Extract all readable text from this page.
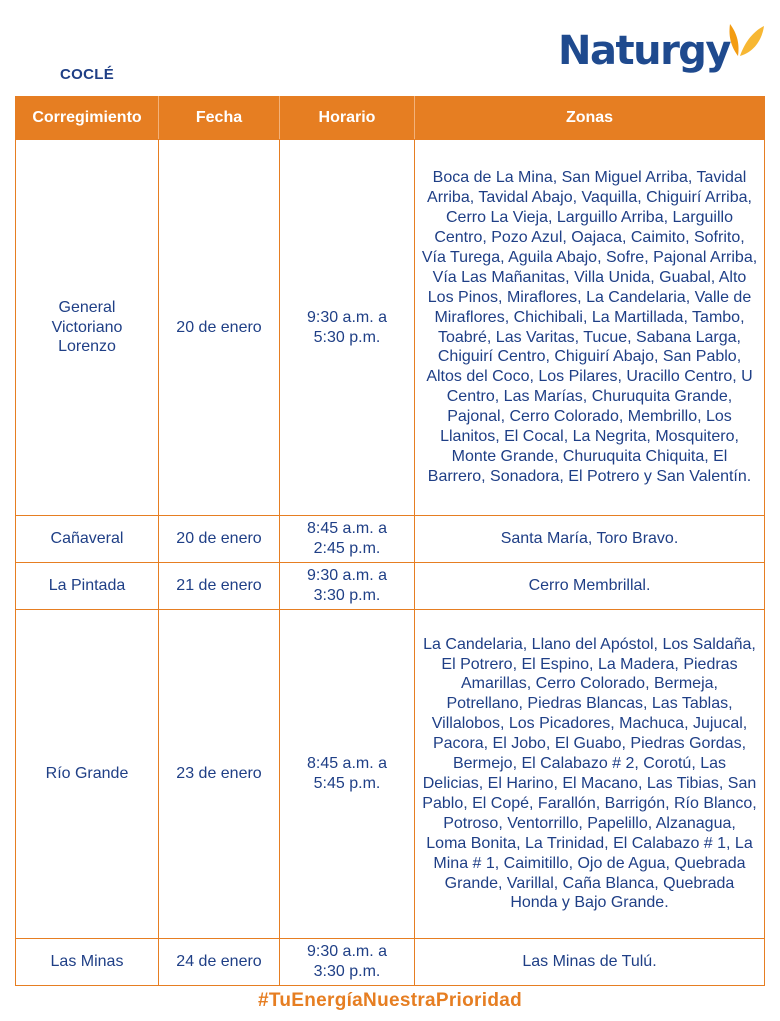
COCLÉ
Naturgy
Corregimiento	Fecha	Horario	Zonas

General Victoriano Lorenzo	20 de enero	9:30 a.m. a 5:30 p.m.	Boca de La Mina, San Miguel Arriba, Tavidal Arriba, Tavidal Abajo, Vaquilla, Chiguirí Arriba, Cerro La Vieja, Larguillo Arriba, Larguillo Centro, Pozo Azul, Oajaca, Caimito, Sofrito, Vía Turega, Aguila Abajo, Sofre, Pajonal Arriba, Vía Las Mañanitas, Villa Unida, Guabal, Alto Los Pinos, Miraflores, La Candelaria, Valle de Miraflores, Chichibali, La Martillada, Tambo, Toabré, Las Varitas, Tucue, Sabana Larga, Chiguirí Centro, Chiguirí Abajo, San Pablo, Altos del Coco, Los Pilares, Uracillo Centro, U Centro, Las Marías, Churuquita Grande, Pajonal, Cerro Colorado, Membrillo, Los Llanitos, El Cocal, La Negrita, Mosquitero, Monte Grande, Churuquita Chiquita, El Barrero, Sonadora, El Potrero y San Valentín.
Cañaveral	20 de enero	8:45 a.m. a 2:45 p.m.	Santa María, Toro Bravo.
La Pintada	21 de enero	9:30 a.m. a 3:30 p.m.	Cerro Membrillal.
Río Grande	23 de enero	8:45 a.m. a 5:45 p.m.	La Candelaria, Llano del Apóstol, Los Saldaña, El Potrero, El Espino, La Madera, Piedras Amarillas, Cerro Colorado, Bermeja, Potrellano, Piedras Blancas, Las Tablas, Villalobos, Los Picadores, Machuca, Jujucal, Pacora, El Jobo, El Guabo, Piedras Gordas, Bermejo, El Calabazo # 2, Corotú, Las Delicias, El Harino, El Macano, Las Tibias, San Pablo, El Copé, Farallón, Barrigón, Río Blanco, Potroso, Ventorrillo, Papelillo, Alzanagua, Loma Bonita, La Trinidad, El Calabazo # 1, La Mina # 1, Caimitillo, Ojo de Agua, Quebrada Grande, Varillal, Caña Blanca, Quebrada Honda y Bajo Grande.
Las Minas	24 de enero	9:30 a.m. a 3:30 p.m.	Las Minas de Tulú.
#TuEnergíaNuestraPrioridad
